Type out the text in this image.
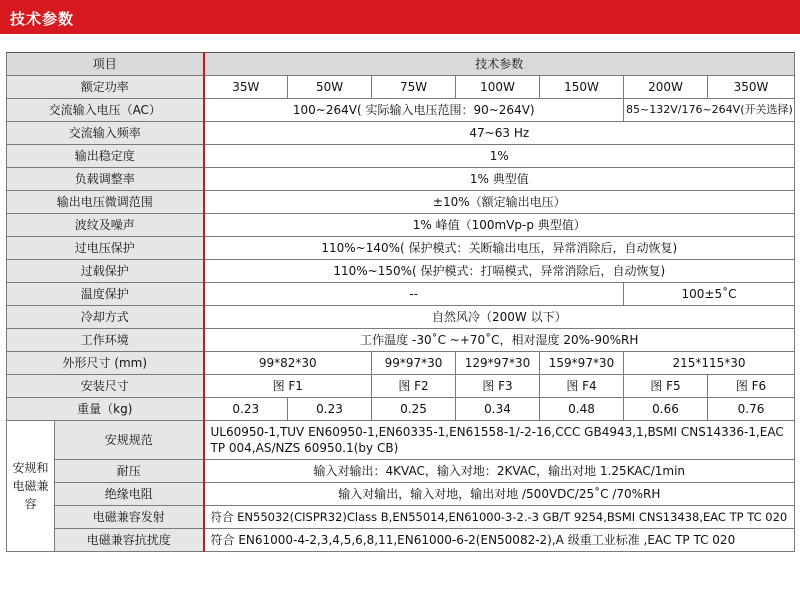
技术参数
项目		技术参数						
额定功率		35W	50W	75W	100W	150W	200W	350W
交流输入电压（AC）		100~264V( 实际输入电压范围：90~264V)					85~132V/176~264V(开关选择)	
交流输入频率		47~63 Hz						
输出稳定度		1%						
负载调整率		1% 典型值						
输出电压微调范围		±10%（额定输出电压）						
波纹及噪声		1% 峰值（100mVp-p 典型值）						
过电压保护		110%~140%( 保护模式：关断输出电压，异常消除后，自动恢复)						
过载保护		110%~150%( 保护模式：打嗝模式，异常消除后，自动恢复)						
温度保护		--					100±5˚C	
冷却方式		自然风冷（200W 以下）						
工作环境		工作温度 -30˚C ~+70˚C，相对湿度 20%-90%RH						
外形尺寸 (mm)		99*82*30		99*97*30	129*97*30	159*97*30	215*115*30	
安装尺寸		图 F1		图 F2	图 F3	图 F4	图 F5	图 F6
重量（kg)		0.23	0.23	0.25	0.34	0.48	0.66	0.76
安规和电磁兼容	安规规范	UL60950-1,TUV EN60950-1,EN60335-1,EN61558-1/-2-16,CCC GB4943,1,BSMI CNS14336-1,EAC TP 004,AS/NZS 60950.1(by CB)						
	耐压	输入对输出：4KVAC，输入对地：2KVAC，输出对地 1.25KAC/1min						
	绝缘电阻	输入对输出，输入对地，输出对地 /500VDC/25˚C /70%RH						
	电磁兼容发射	符合 EN55032(CISPR32)Class B,EN55014,EN61000-3-2.-3 GB/T 9254,BSMI CNS13438,EAC TP TC 020						
	电磁兼容抗扰度	符合 EN61000-4-2,3,4,5,6,8,11,EN61000-6-2(EN50082-2),A 级重工业标准 ,EAC TP TC 020						
